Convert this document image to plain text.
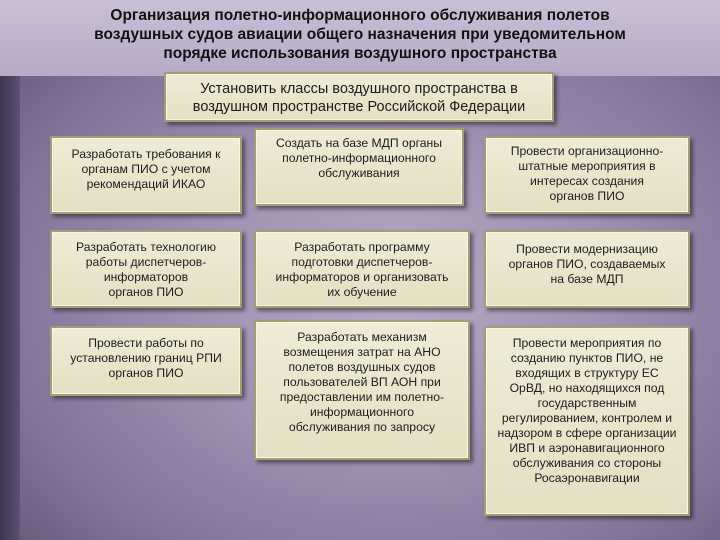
Организация полетно-информационного обслуживания полетов
воздушных судов авиации общего назначения при уведомительном
порядке использования воздушного пространства
Установить классы воздушного пространства в
воздушном пространстве Российской Федерации
Разработать требования к
органам ПИО с учетом
рекомендаций ИКАО
Создать на базе МДП органы
полетно-информационного
обслуживания
Провести организационно-
штатные мероприятия в
интересах создания
органов ПИО
Разработать технологию
работы диспетчеров-
информаторов
органов ПИО
Разработать программу
подготовки диспетчеров-
информаторов и организовать
их обучение
Провести модернизацию
органов ПИО, создаваемых
на базе МДП
Провести работы по
установлению границ РПИ
органов ПИО
Разработать механизм
возмещения затрат на АНО
полетов воздушных судов
пользователей ВП АОН при
предоставлении им полетно-
информационного
обслуживания по запросу
Провести мероприятия по
созданию пунктов ПИО, не
входящих в структуру ЕС
ОрВД, но находящихся под
государственным
регулированием, контролем и
надзором в сфере организации
ИВП и аэронавигационного
обслуживания со стороны
Росаэронавигации
